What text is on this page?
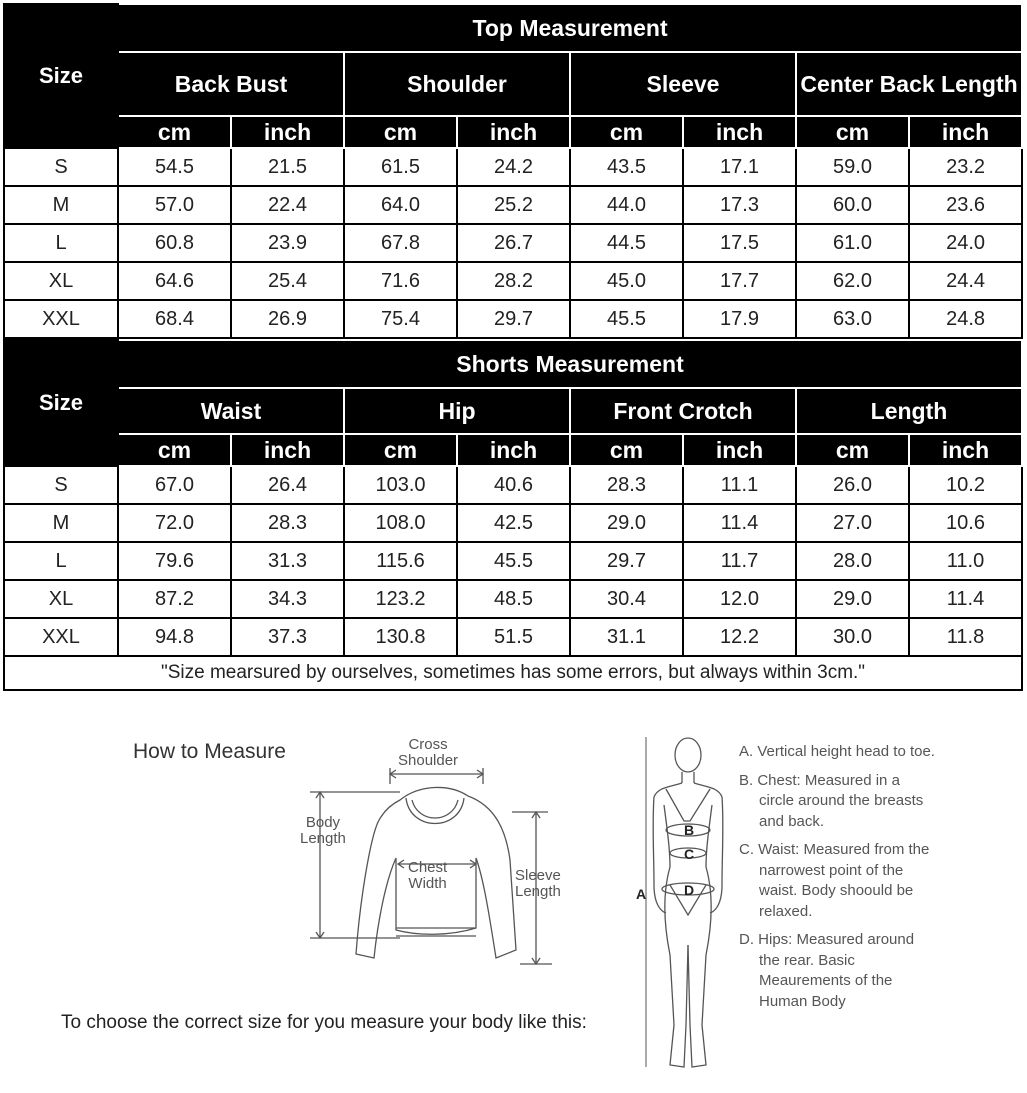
Size	Top Measurement							
	Back Bust		Shoulder		Sleeve		Center Back Length	
	cm	inch	cm	inch	cm	inch	cm	inch
S	54.5	21.5	61.5	24.2	43.5	17.1	59.0	23.2
M	57.0	22.4	64.0	25.2	44.0	17.3	60.0	23.6
L	60.8	23.9	67.8	26.7	44.5	17.5	61.0	24.0
XL	64.6	25.4	71.6	28.2	45.0	17.7	62.0	24.4
XXL	68.4	26.9	75.4	29.7	45.5	17.9	63.0	24.8
Size	Shorts Measurement							
	Waist		Hip		Front Crotch		Length	
	cm	inch	cm	inch	cm	inch	cm	inch
S	67.0	26.4	103.0	40.6	28.3	11.1	26.0	10.2
M	72.0	28.3	108.0	42.5	29.0	11.4	27.0	10.6
L	79.6	31.3	115.6	45.5	29.7	11.7	28.0	11.0
XL	87.2	34.3	123.2	48.5	30.4	12.0	29.0	11.4
XXL	94.8	37.3	130.8	51.5	31.1	12.2	30.0	11.8
"Size mearsured by ourselves, sometimes has some errors, but always within 3cm."								
How to Measure	Cross
Shoulder
Body
Length
Chest
Width	Sleeve
Length
To choose the correct size for you measure your body like this:
B
C
D
A

A. Vertical height head to toe.

B. Chest: Measured in a circle around the breasts and back.

C. Waist: Measured from the narrowest point of the waist. Body shoould be relaxed.

D. Hips: Measured around the rear. Basic Meaurements of the Human Body
